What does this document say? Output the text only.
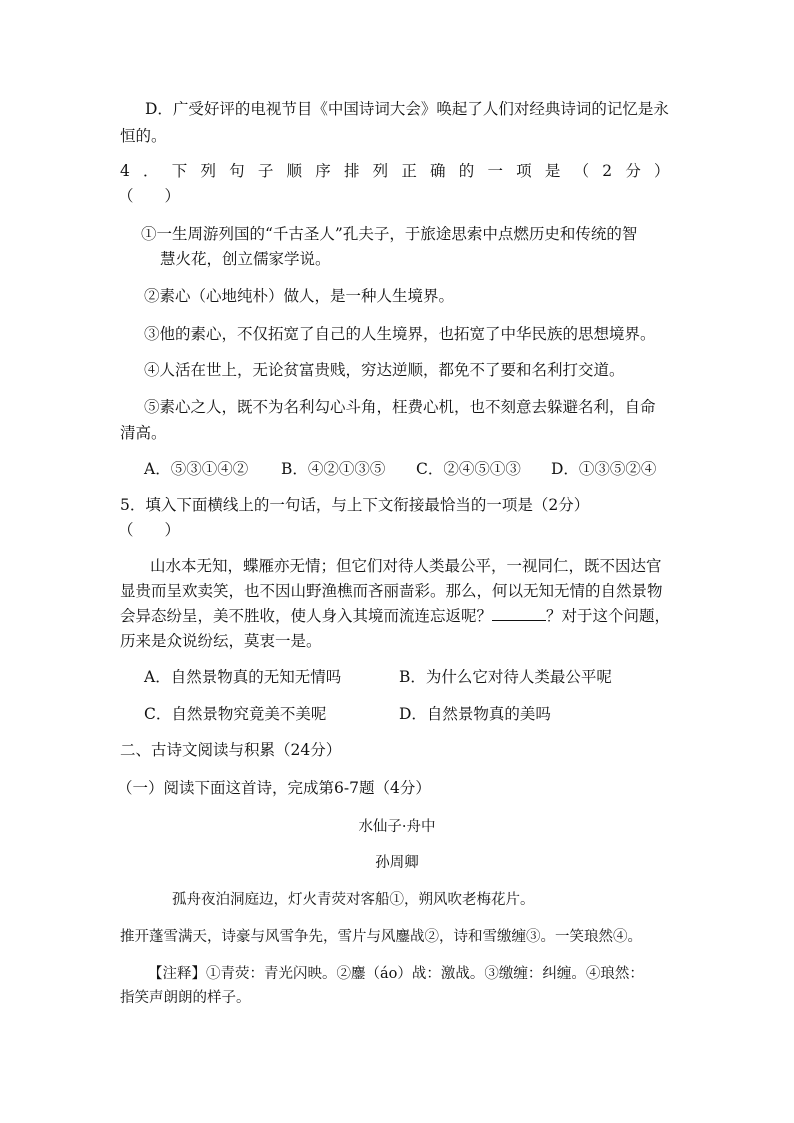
D．广受好评的电视节目《中国诗词大会》唤起了人们对经典诗词的记忆是永
恒的。
4．下列句子顺序排列正确的一项是（2分）
（　　）
①一生周游列国的“千古圣人”孔夫子，于旅途思索中点燃历史和传统的智
慧火花，创立儒家学说。
②素心（心地纯朴）做人，是一种人生境界。
③他的素心，不仅拓宽了自己的人生境界，也拓宽了中华民族的思想境界。
④人活在世上，无论贫富贵贱，穷达逆顺，都免不了要和名利打交道。
⑤素心之人，既不为名利勾心斗角，枉费心机，也不刻意去躲避名利，自命
清高。
A．⑤③①④② B．④②①③⑤ C．②④⑤①③ D．①③⑤②④
5．填入下面横线上的一句话，与上下文衔接最恰当的一项是（2分）
（　　）
山水本无知，蝶雁亦无情；但它们对待人类最公平，一视同仁，既不因达官
显贵而呈欢卖笑，也不因山野渔樵而吝丽啬彩。那么，何以无知无情的自然景物
会异态纷呈，美不胜收，使人身入其境而流连忘返呢？	？对于这个问题，
历来是众说纷纭，莫衷一是。
A．自然景物真的无知无情吗	B．为什么它对待人类最公平呢
C．自然景物究竟美不美呢	D．自然景物真的美吗
二、古诗文阅读与积累（24分）
（一）阅读下面这首诗，完成第6-7题（4分）
水仙子·舟中
孙周卿
孤舟夜泊洞庭边，灯火青荧对客船①，朔风吹老梅花片。
推开蓬雪满天，诗豪与风雪争先，雪片与风鏖战②，诗和雪缴缠③。一笑琅然④。
【注释】①青荧：青光闪映。②鏖（áo）战：激战。③缴缠：纠缠。④琅然：
指笑声朗朗的样子。
